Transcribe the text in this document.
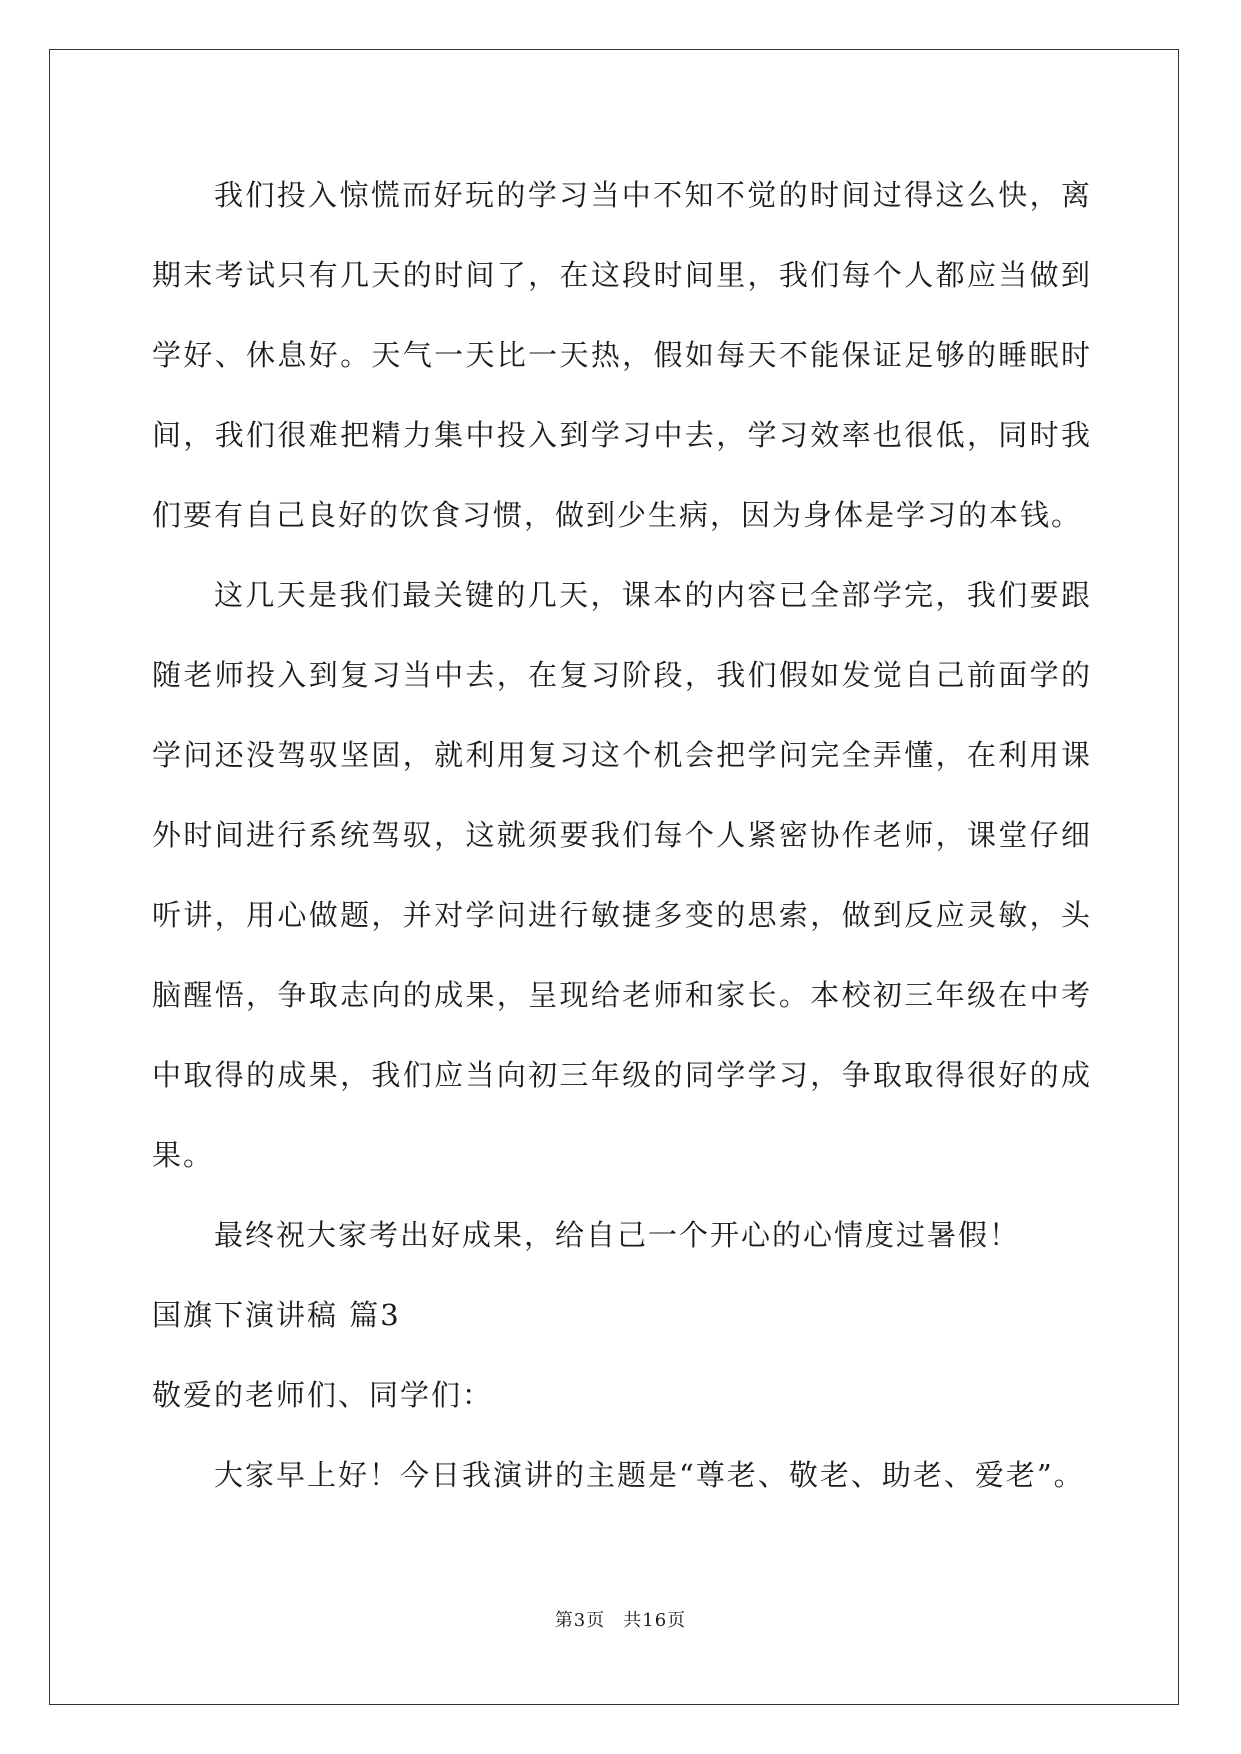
我们投入惊慌而好玩的学习当中不知不觉的时间过得这么快，离期末考试只有几天的时间了，在这段时间里，我们每个人都应当做到学好、休息好。天气一天比一天热，假如每天不能保证足够的睡眠时间，我们很难把精力集中投入到学习中去，学习效率也很低，同时我们要有自己良好的饮食习惯，做到少生病，因为身体是学习的本钱。

这几天是我们最关键的几天，课本的内容已全部学完，我们要跟随老师投入到复习当中去，在复习阶段，我们假如发觉自己前面学的学问还没驾驭坚固，就利用复习这个机会把学问完全弄懂，在利用课外时间进行系统驾驭，这就须要我们每个人紧密协作老师，课堂仔细听讲，用心做题，并对学问进行敏捷多变的思索，做到反应灵敏，头脑醒悟，争取志向的成果，呈现给老师和家长。本校初三年级在中考中取得的成果，我们应当向初三年级的同学学习，争取取得很好的成果。

最终祝大家考出好成果，给自己一个开心的心情度过暑假！

国旗下演讲稿 篇3

敬爱的老师们、同学们：

大家早上好！今日我演讲的主题是“尊老、敬老、助老、爱老”。

第3页 共16页
